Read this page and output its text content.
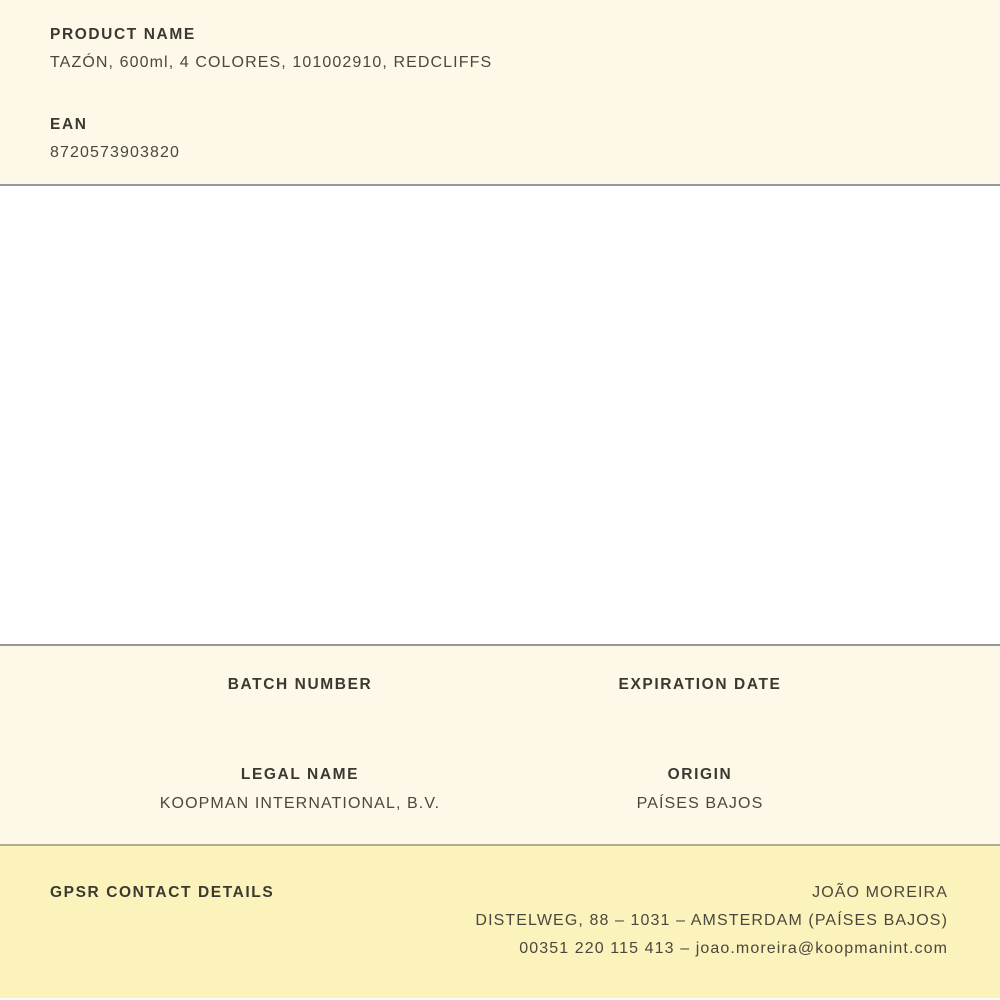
PRODUCT NAME
TAZÓN, 600ml, 4 COLORES, 101002910, REDCLIFFS
EAN
8720573903820
BATCH NUMBER	EXPIRATION DATE
LEGAL NAME
KOOPMAN INTERNATIONAL, B.V.
ORIGIN
PAÍSES BAJOS
GPSR CONTACT DETAILS	JOÃO MOREIRA
DISTELWEG, 88 – 1031 – AMSTERDAM (PAÍSES BAJOS)
00351 220 115 413 – joao.moreira@koopmanint.com
